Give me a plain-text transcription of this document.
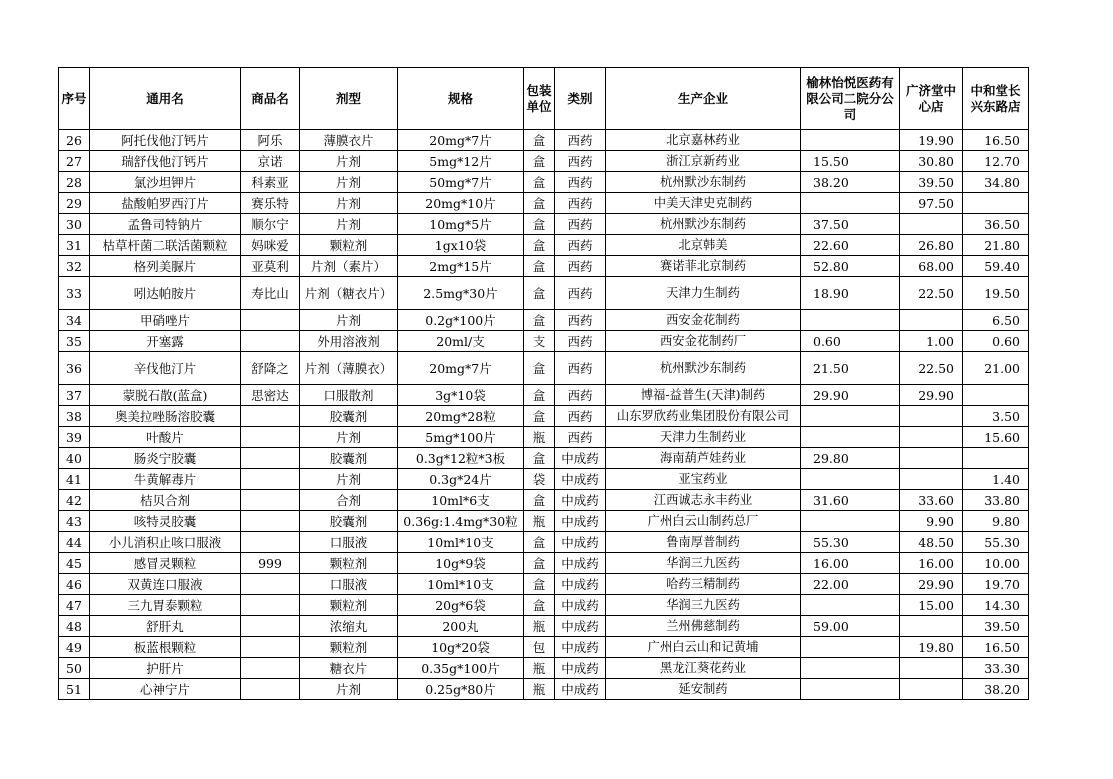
序号	通用名	商品名	剂型	规格	包装单位	类别	生产企业	榆林怡悦医药有限公司二院分公司	广济堂中心店	中和堂长兴东路店
26	阿托伐他汀钙片	阿乐	薄膜衣片	20mg*7片	盒	西药	北京嘉林药业		19.90	16.50
27	瑞舒伐他汀钙片	京诺	片剂	5mg*12片	盒	西药	浙江京新药业	15.50	30.80	12.70
28	氯沙坦钾片	科素亚	片剂	50mg*7片	盒	西药	杭州默沙东制药	38.20	39.50	34.80
29	盐酸帕罗西汀片	赛乐特	片剂	20mg*10片	盒	西药	中美天津史克制药		97.50	
30	孟鲁司特钠片	顺尔宁	片剂	10mg*5片	盒	西药	杭州默沙东制药	37.50		36.50
31	枯草杆菌二联活菌颗粒	妈咪爱	颗粒剂	1gx10袋	盒	西药	北京韩美	22.60	26.80	21.80
32	格列美脲片	亚莫利	片剂（素片）	2mg*15片	盒	西药	赛诺菲北京制药	52.80	68.00	59.40
33	吲达帕胺片	寿比山	片剂（糖衣片）	2.5mg*30片	盒	西药	天津力生制药	18.90	22.50	19.50
34	甲硝唑片		片剂	0.2g*100片	盒	西药	西安金花制药			6.50
35	开塞露		外用溶液剂	20ml/支	支	西药	西安金花制药厂	0.60	1.00	0.60
36	辛伐他汀片	舒降之	片剂（薄膜衣）	20mg*7片	盒	西药	杭州默沙东制药	21.50	22.50	21.00
37	蒙脱石散(蓝盒)	思密达	口服散剂	3g*10袋	盒	西药	博福-益普生(天津)制药	29.90	29.90	
38	奥美拉唑肠溶胶囊		胶囊剂	20mg*28粒	盒	西药	山东罗欣药业集团股份有限公司			3.50
39	叶酸片		片剂	5mg*100片	瓶	西药	天津力生制药业			15.60
40	肠炎宁胶囊		胶囊剂	0.3g*12粒*3板	盒	中成药	海南葫芦娃药业	29.80		
41	牛黄解毒片		片剂	0.3g*24片	袋	中成药	亚宝药业			1.40
42	桔贝合剂		合剂	10ml*6支	盒	中成药	江西诚志永丰药业	31.60	33.60	33.80
43	咳特灵胶囊		胶囊剂	0.36g:1.4mg*30粒	瓶	中成药	广州白云山制药总厂		9.90	9.80
44	小儿消积止咳口服液		口服液	10ml*10支	盒	中成药	鲁南厚普制药	55.30	48.50	55.30
45	感冒灵颗粒	999	颗粒剂	10g*9袋	盒	中成药	华润三九医药	16.00	16.00	10.00
46	双黄连口服液		口服液	10ml*10支	盒	中成药	哈药三精制药	22.00	29.90	19.70
47	三九胃泰颗粒		颗粒剂	20g*6袋	盒	中成药	华润三九医药		15.00	14.30
48	舒肝丸		浓缩丸	200丸	瓶	中成药	兰州佛慈制药	59.00		39.50
49	板蓝根颗粒		颗粒剂	10g*20袋	包	中成药	广州白云山和记黄埔		19.80	16.50
50	护肝片		糖衣片	0.35g*100片	瓶	中成药	黑龙江葵花药业			33.30
51	心神宁片		片剂	0.25g*80片	瓶	中成药	延安制药			38.20
